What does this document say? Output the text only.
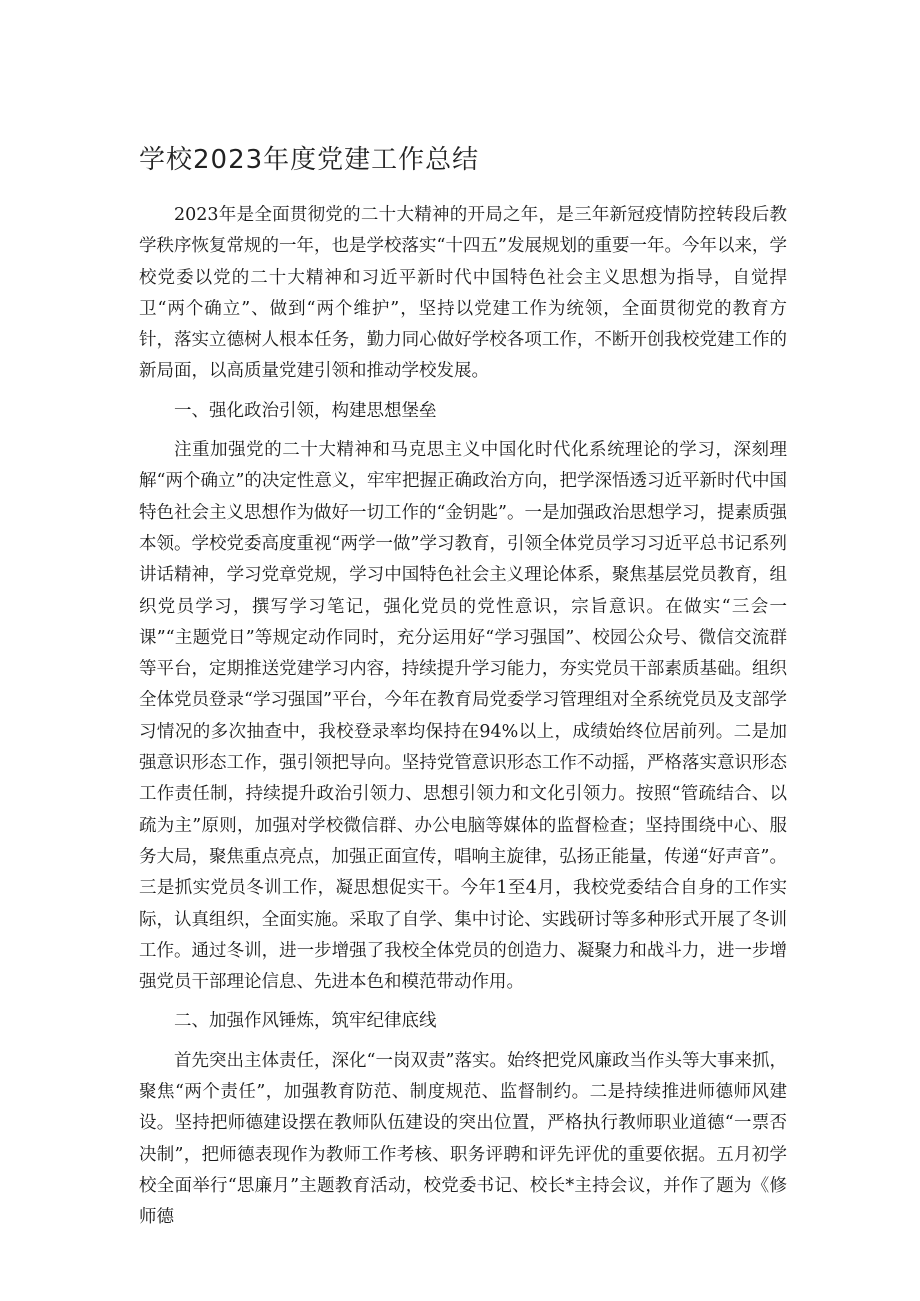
学校2023年度党建工作总结

2023年是全面贯彻党的二十大精神的开局之年，是三年新冠疫情防控转段后教学秩序恢复常规的一年，也是学校落实“十四五”发展规划的重要一年。今年以来，学校党委以党的二十大精神和习近平新时代中国特色社会主义思想为指导，自觉捍卫“两个确立”、做到“两个维护”，坚持以党建工作为统领，全面贯彻党的教育方针，落实立德树人根本任务，勤力同心做好学校各项工作，不断开创我校党建工作的新局面，以高质量党建引领和推动学校发展。

一、强化政治引领，构建思想堡垒

注重加强党的二十大精神和马克思主义中国化时代化系统理论的学习，深刻理解“两个确立”的决定性意义，牢牢把握正确政治方向，把学深悟透习近平新时代中国特色社会主义思想作为做好一切工作的“金钥匙”。一是加强政治思想学习，提素质强本领。学校党委高度重视“两学一做”学习教育，引领全体党员学习习近平总书记系列讲话精神，学习党章党规，学习中国特色社会主义理论体系，聚焦基层党员教育，组织党员学习，撰写学习笔记，强化党员的党性意识，宗旨意识。在做实“三会一课”“主题党日”等规定动作同时，充分运用好“学习强国”、校园公众号、微信交流群等平台，定期推送党建学习内容，持续提升学习能力，夯实党员干部素质基础。组织全体党员登录“学习强国”平台，今年在教育局党委学习管理组对全系统党员及支部学习情况的多次抽查中，我校登录率均保持在94%以上，成绩始终位居前列。二是加强意识形态工作，强引领把导向。坚持党管意识形态工作不动摇，严格落实意识形态工作责任制，持续提升政治引领力、思想引领力和文化引领力。按照“管疏结合、以疏为主”原则，加强对学校微信群、办公电脑等媒体的监督检查；坚持围绕中心、服务大局，聚焦重点亮点，加强正面宣传，唱响主旋律，弘扬正能量，传递“好声音”。三是抓实党员冬训工作，凝思想促实干。今年1至4月，我校党委结合自身的工作实际，认真组织，全面实施。采取了自学、集中讨论、实践研讨等多种形式开展了冬训工作。通过冬训，进一步增强了我校全体党员的创造力、凝聚力和战斗力，进一步增强党员干部理论信息、先进本色和模范带动作用。

二、加强作风锤炼，筑牢纪律底线

首先突出主体责任，深化“一岗双责”落实。始终把党风廉政当作头等大事来抓，聚焦“两个责任”，加强教育防范、制度规范、监督制约。二是持续推进师德师风建设。坚持把师德建设摆在教师队伍建设的突出位置，严格执行教师职业道德“一票否决制”，把师德表现作为教师工作考核、职务评聘和评先评优的重要依据。五月初学校全面举行“思廉月”主题教育活动，校党委书记、校长*主持会议，并作了题为《修师德
